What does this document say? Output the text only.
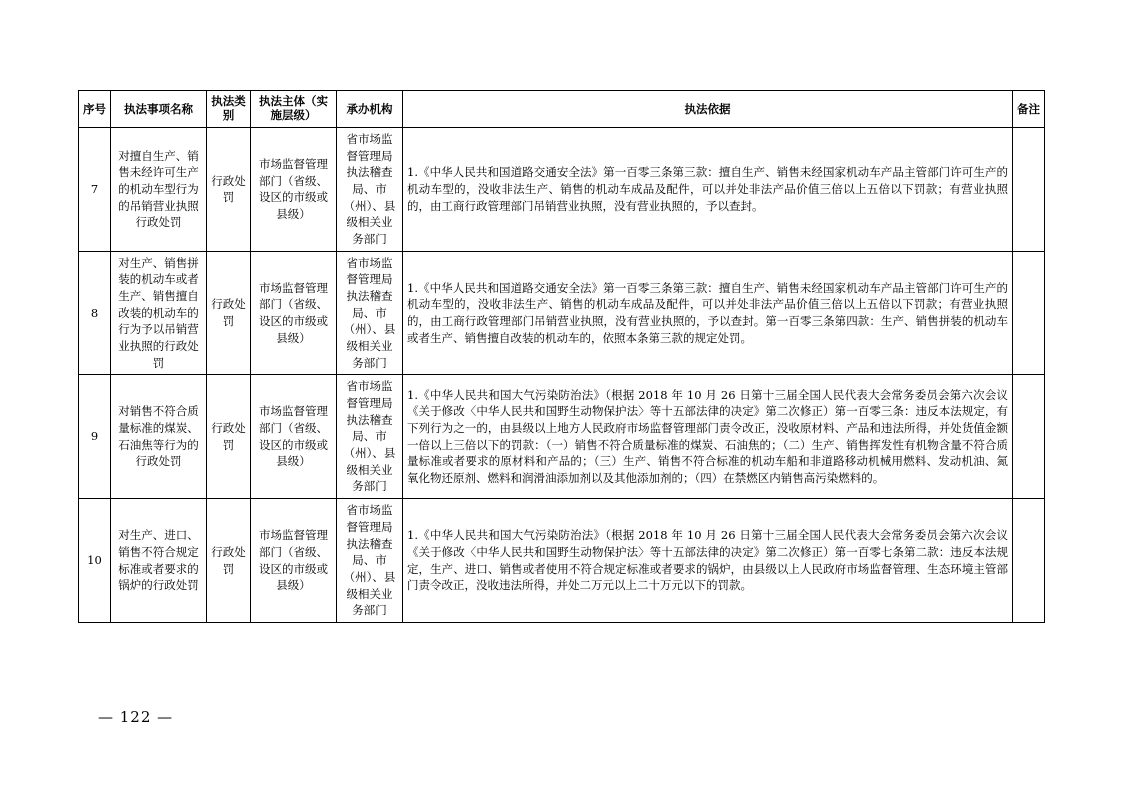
序号	执法事项名称	执法类别	执法主体（实施层级）	承办机构	执法依据	备注
7	对擅自生产、销售未经许可生产的机动车型行为的吊销营业执照行政处罚	行政处罚	市场监督管理部门（省级、设区的市级或县级）	省市场监督管理局执法稽查局、市（州）、县级相关业务部门	1.《中华人民共和国道路交通安全法》第一百零三条第三款：擅自生产、销售未经国家机动车产品主管部门许可生产的机动车型的，没收非法生产、销售的机动车成品及配件，可以并处非法产品价值三倍以上五倍以下罚款；有营业执照的，由工商行政管理部门吊销营业执照，没有营业执照的，予以查封。	
8	对生产、销售拼装的机动车或者生产、销售擅自改装的机动车的行为予以吊销营业执照的行政处罚	行政处罚	市场监督管理部门（省级、设区的市级或县级）	省市场监督管理局执法稽查局、市（州）、县级相关业务部门	1.《中华人民共和国道路交通安全法》第一百零三条第三款：擅自生产、销售未经国家机动车产品主管部门许可生产的机动车型的，没收非法生产、销售的机动车成品及配件，可以并处非法产品价值三倍以上五倍以下罚款；有营业执照的，由工商行政管理部门吊销营业执照，没有营业执照的，予以查封。第一百零三条第四款：生产、销售拼装的机动车或者生产、销售擅自改装的机动车的，依照本条第三款的规定处罚。	
9	对销售不符合质量标准的煤炭、石油焦等行为的行政处罚	行政处罚	市场监督管理部门（省级、设区的市级或县级）	省市场监督管理局执法稽查局、市（州）、县级相关业务部门	1.《中华人民共和国大气污染防治法》（根据 2018 年 10 月 26 日第十三届全国人民代表大会常务委员会第六次会议《关于修改〈中华人民共和国野生动物保护法〉等十五部法律的决定》第二次修正）第一百零三条：违反本法规定，有下列行为之一的，由县级以上地方人民政府市场监督管理部门责令改正，没收原材料、产品和违法所得，并处货值金额一倍以上三倍以下的罚款：（一）销售不符合质量标准的煤炭、石油焦的；（二）生产、销售挥发性有机物含量不符合质量标准或者要求的原材料和产品的；（三）生产、销售不符合标准的机动车船和非道路移动机械用燃料、发动机油、氮氧化物还原剂、燃料和润滑油添加剂以及其他添加剂的；（四）在禁燃区内销售高污染燃料的。	
10	对生产、进口、销售不符合规定标准或者要求的锅炉的行政处罚	行政处罚	市场监督管理部门（省级、设区的市级或县级）	省市场监督管理局执法稽查局、市（州）、县级相关业务部门	1.《中华人民共和国大气污染防治法》（根据 2018 年 10 月 26 日第十三届全国人民代表大会常务委员会第六次会议《关于修改〈中华人民共和国野生动物保护法〉等十五部法律的决定》第二次修正）第一百零七条第二款：违反本法规定，生产、进口、销售或者使用不符合规定标准或者要求的锅炉，由县级以上人民政府市场监督管理、生态环境主管部门责令改正，没收违法所得，并处二万元以上二十万元以下的罚款。	
— 122 —
